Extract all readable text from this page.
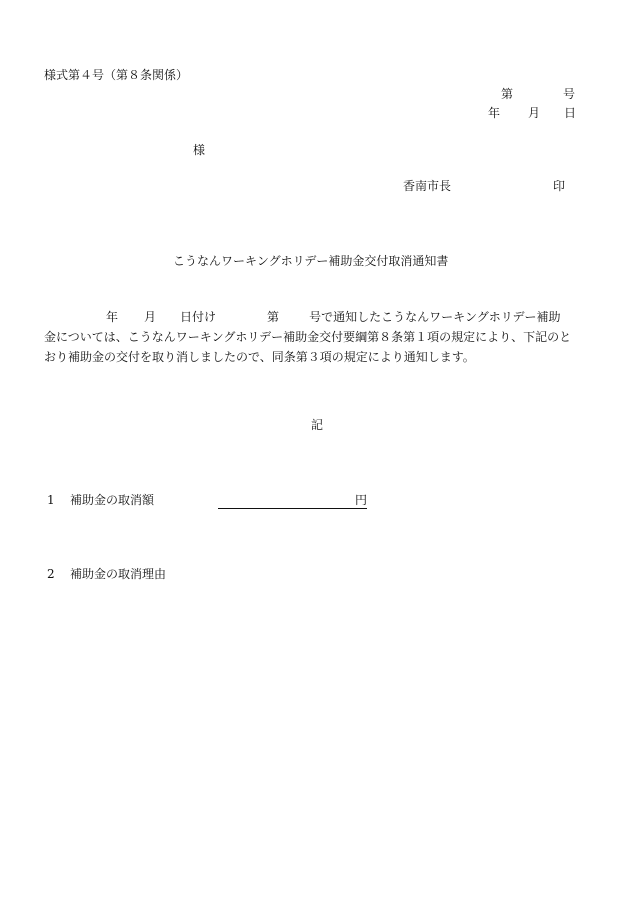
様式第４号（第８条関係）
第	号
年 月 日
様
香南市長	印
こうなんワーキングホリデー補助金交付取消通知書
年 月 日付け	第	号で通知したこうなんワーキングホリデー補助
金については、こうなんワーキングホリデー補助金交付要綱第８条第１項の規定により、下記のと
おり補助金の交付を取り消しましたので、同条第３項の規定により通知します。
記
1 補助金の取消額	円
2 補助金の取消理由
